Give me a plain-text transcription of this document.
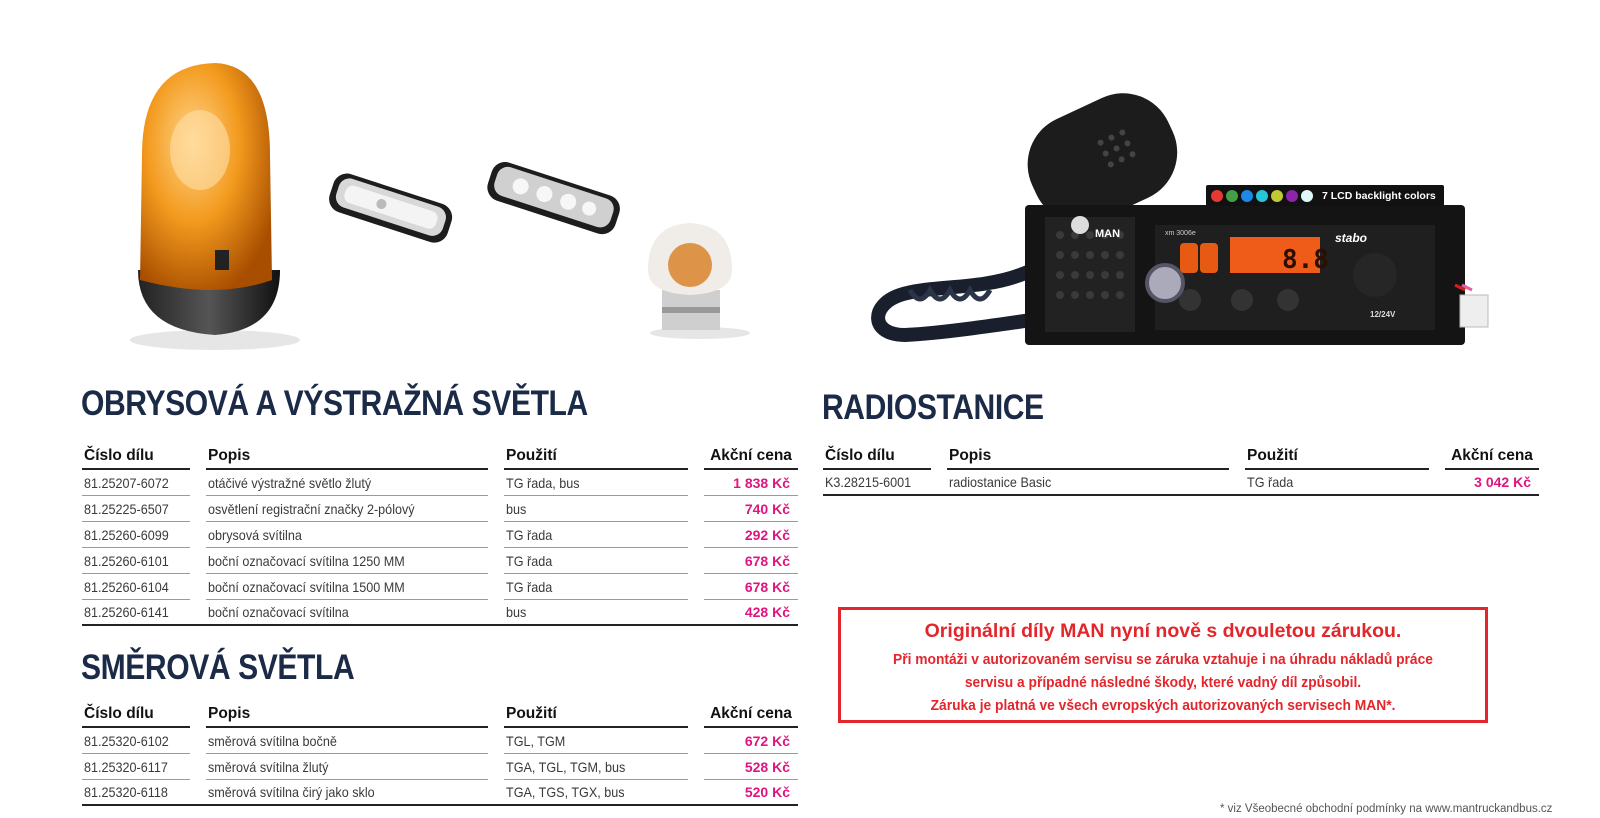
MAN	stabo
xm 3006e
8.8
12/24V
7 LCD backlight colors
OBRYSOVÁ A VÝSTRAŽNÁ SVĚTLA
SMĚROVÁ SVĚTLA
RADIOSTANICE
Číslo dílu		Popis		Použití		Akční cena
81.25207-6072		otáčivé výstražné světlo žlutý		TG řada, bus		1 838 Kč
81.25225-6507		osvětlení registrační značky 2-pólový		bus		740 Kč
81.25260-6099		obrysová svítilna		TG řada		292 Kč
81.25260-6101		boční označovací svítilna 1250 MM		TG řada		678 Kč
81.25260-6104		boční označovací svítilna 1500 MM		TG řada		678 Kč
81.25260-6141		boční označovací svítilna		bus		428 Kč
Číslo dílu		Popis		Použití		Akční cena
81.25320-6102		směrová svítilna bočně		TGL, TGM		672 Kč
81.25320-6117		směrová svítilna žlutý		TGA, TGL, TGM, bus		528 Kč
81.25320-6118		směrová svítilna čirý jako sklo		TGA, TGS, TGX, bus		520 Kč
Číslo dílu		Popis		Použití		Akční cena
K3.28215-6001		radiostanice Basic		TG řada		3 042 Kč
Originální díly MAN nyní nově s dvouletou zárukou.
Při montáži v autorizovaném servisu se záruka vztahuje i na úhradu nákladů práce
servisu a případné následné škody, které vadný díl způsobil.
Záruka je platná ve všech evropských autorizovaných servisech MAN*.
* viz Všeobecné obchodní podmínky na www.mantruckandbus.cz
